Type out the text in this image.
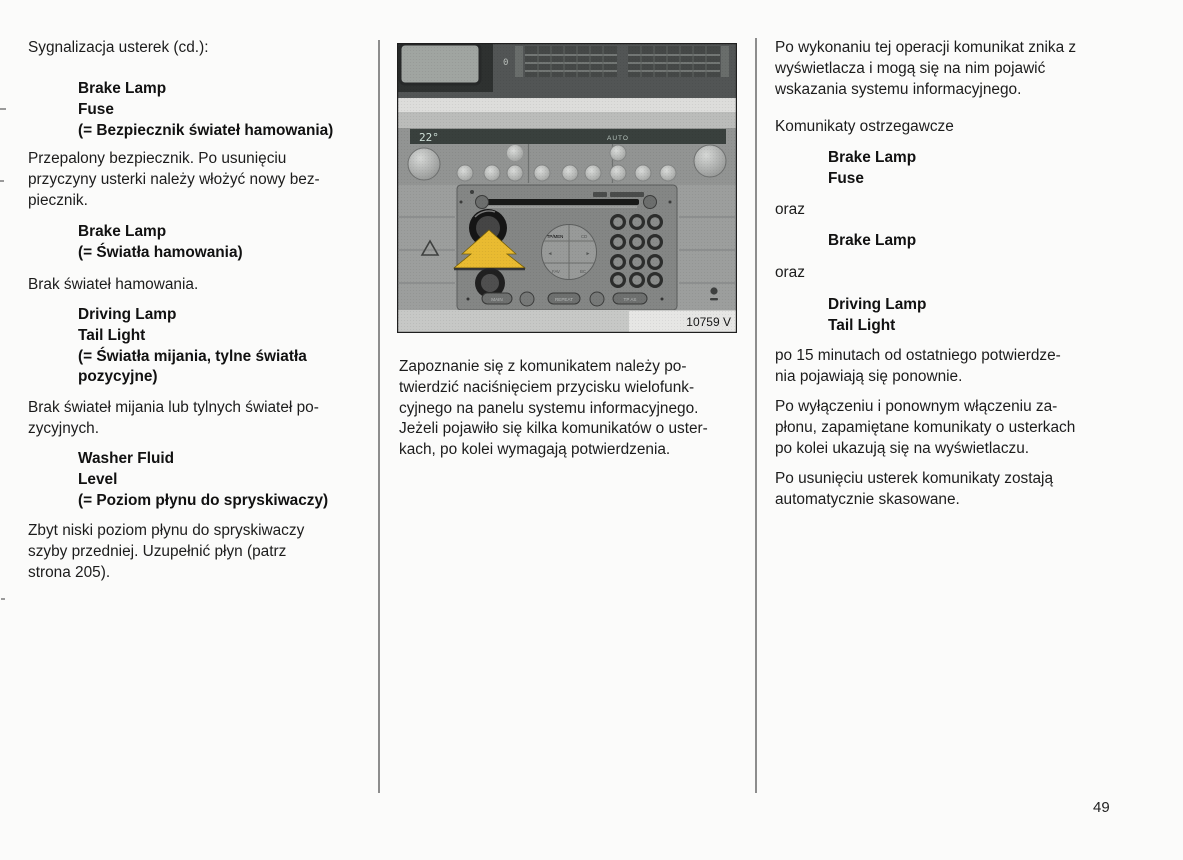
Sygnalizacja usterek (cd.):
Brake Lamp
Fuse
(= Bezpiecznik świateł hamowania)
Przepalony bezpiecznik. Po usunięciu
przyczyny usterki należy włożyć nowy bez-
piecznik.
Brake Lamp
(= Światła hamowania)
Brak świateł hamowania.
Driving Lamp
Tail Light
(= Światła mijania, tylne światła
pozycyjne)
Brak świateł mijania lub tylnych świateł po-
zycyjnych.
Washer Fluid
Level
(= Poziom płynu do spryskiwaczy)
Zbyt niski poziom płynu do spryskiwaczy
szyby przedniej. Uzupełnić płyn (patrz
strona 205).
Zapoznanie się z komunikatem należy po-
twierdzić naciśnięciem przycisku wielofunk-
cyjnego na panelu systemu informacyjnego.
Jeżeli pojawiło się kilka komunikatów o uster-
kach, po kolei wymagają potwierdzenia.
Po wykonaniu tej operacji komunikat znika z
wyświetlacza i mogą się na nim pojawić
wskazania systemu informacyjnego.
Komunikaty ostrzegawcze
Brake Lamp
Fuse
oraz
Brake Lamp
oraz
Driving Lamp
Tail Light
po 15 minutach od ostatniego potwierdze-
nia pojawiają się ponownie.
Po wyłączeniu i ponownym włączeniu za-
płonu, zapamiętane komunikaty o usterkach
po kolei ukazują się na wyświetlaczu.
Po usunięciu usterek komunikaty zostają
automatycznie skasowane.
49
